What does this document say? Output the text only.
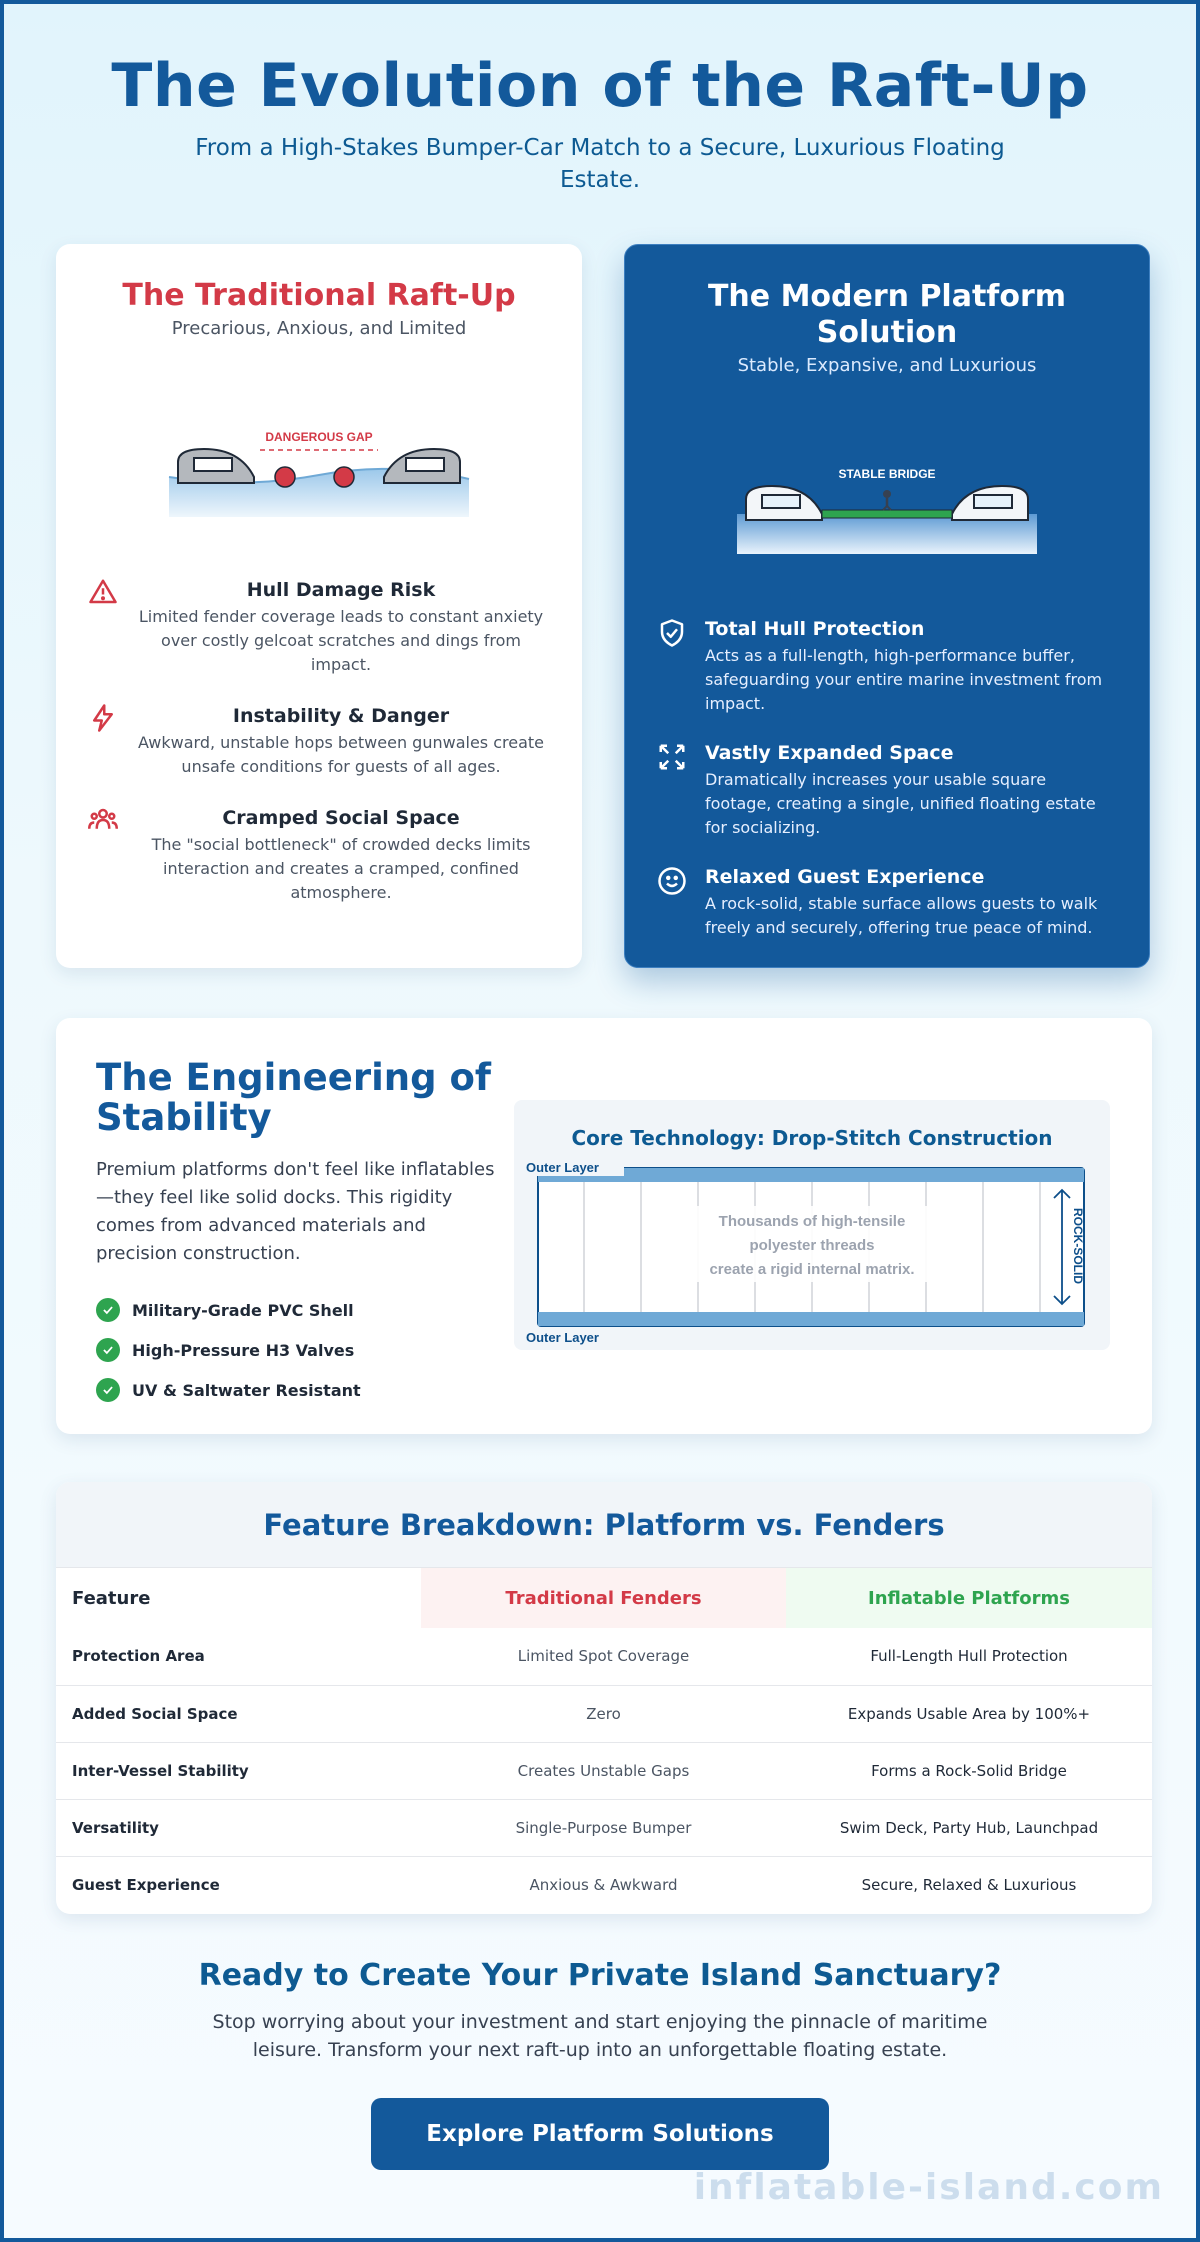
The Evolution of the Raft-Up

From a High-Stakes Bumper-Car Match to a Secure, Luxurious Floating Estate.

The Traditional Raft-Up
Precarious, Anxious, and Limited
DANGEROUS GAP
Hull Damage Risk

Limited fender coverage leads to constant anxiety over costly gelcoat scratches and dings from impact.

Instability & Danger

Awkward, unstable hops between gunwales create unsafe conditions for guests of all ages.

Cramped Social Space

The "social bottleneck" of crowded decks limits interaction and creates a cramped, confined atmosphere.

The Modern Platform Solution
Stable, Expansive, and Luxurious
STABLE BRIDGE
Total Hull Protection

Acts as a full-length, high-performance buffer, safeguarding your entire marine investment from impact.

Vastly Expanded Space

Dramatically increases your usable square footage, creating a single, unified floating estate for socializing.

Relaxed Guest Experience

A rock-solid, stable surface allows guests to walk freely and securely, offering true peace of mind.

The Engineering of Stability

Premium platforms don't feel like inflatables—they feel like solid docks. This rigidity comes from advanced materials and precision construction.

Military-Grade PVC Shell
High-Pressure H3 Valves
UV & Saltwater Resistant
Core Technology: Drop-Stitch Construction
Outer Layer
Outer Layer
Thousands of high-tensile
polyester threads
create a rigid internal matrix.	ROCK-SOLID
Feature Breakdown: Platform vs. Fenders
Feature	Traditional Fenders	Inflatable Platforms
Protection Area	Limited Spot Coverage	Full-Length Hull Protection
Added Social Space	Zero	Expands Usable Area by 100%+
Inter-Vessel Stability	Creates Unstable Gaps	Forms a Rock-Solid Bridge
Versatility	Single-Purpose Bumper	Swim Deck, Party Hub, Launchpad
Guest Experience	Anxious & Awkward	Secure, Relaxed & Luxurious
Ready to Create Your Private Island Sanctuary?

Stop worrying about your investment and start enjoying the pinnacle of maritime leisure. Transform your next raft-up into an unforgettable floating estate.

Explore Platform Solutions
inflatable-island.com
